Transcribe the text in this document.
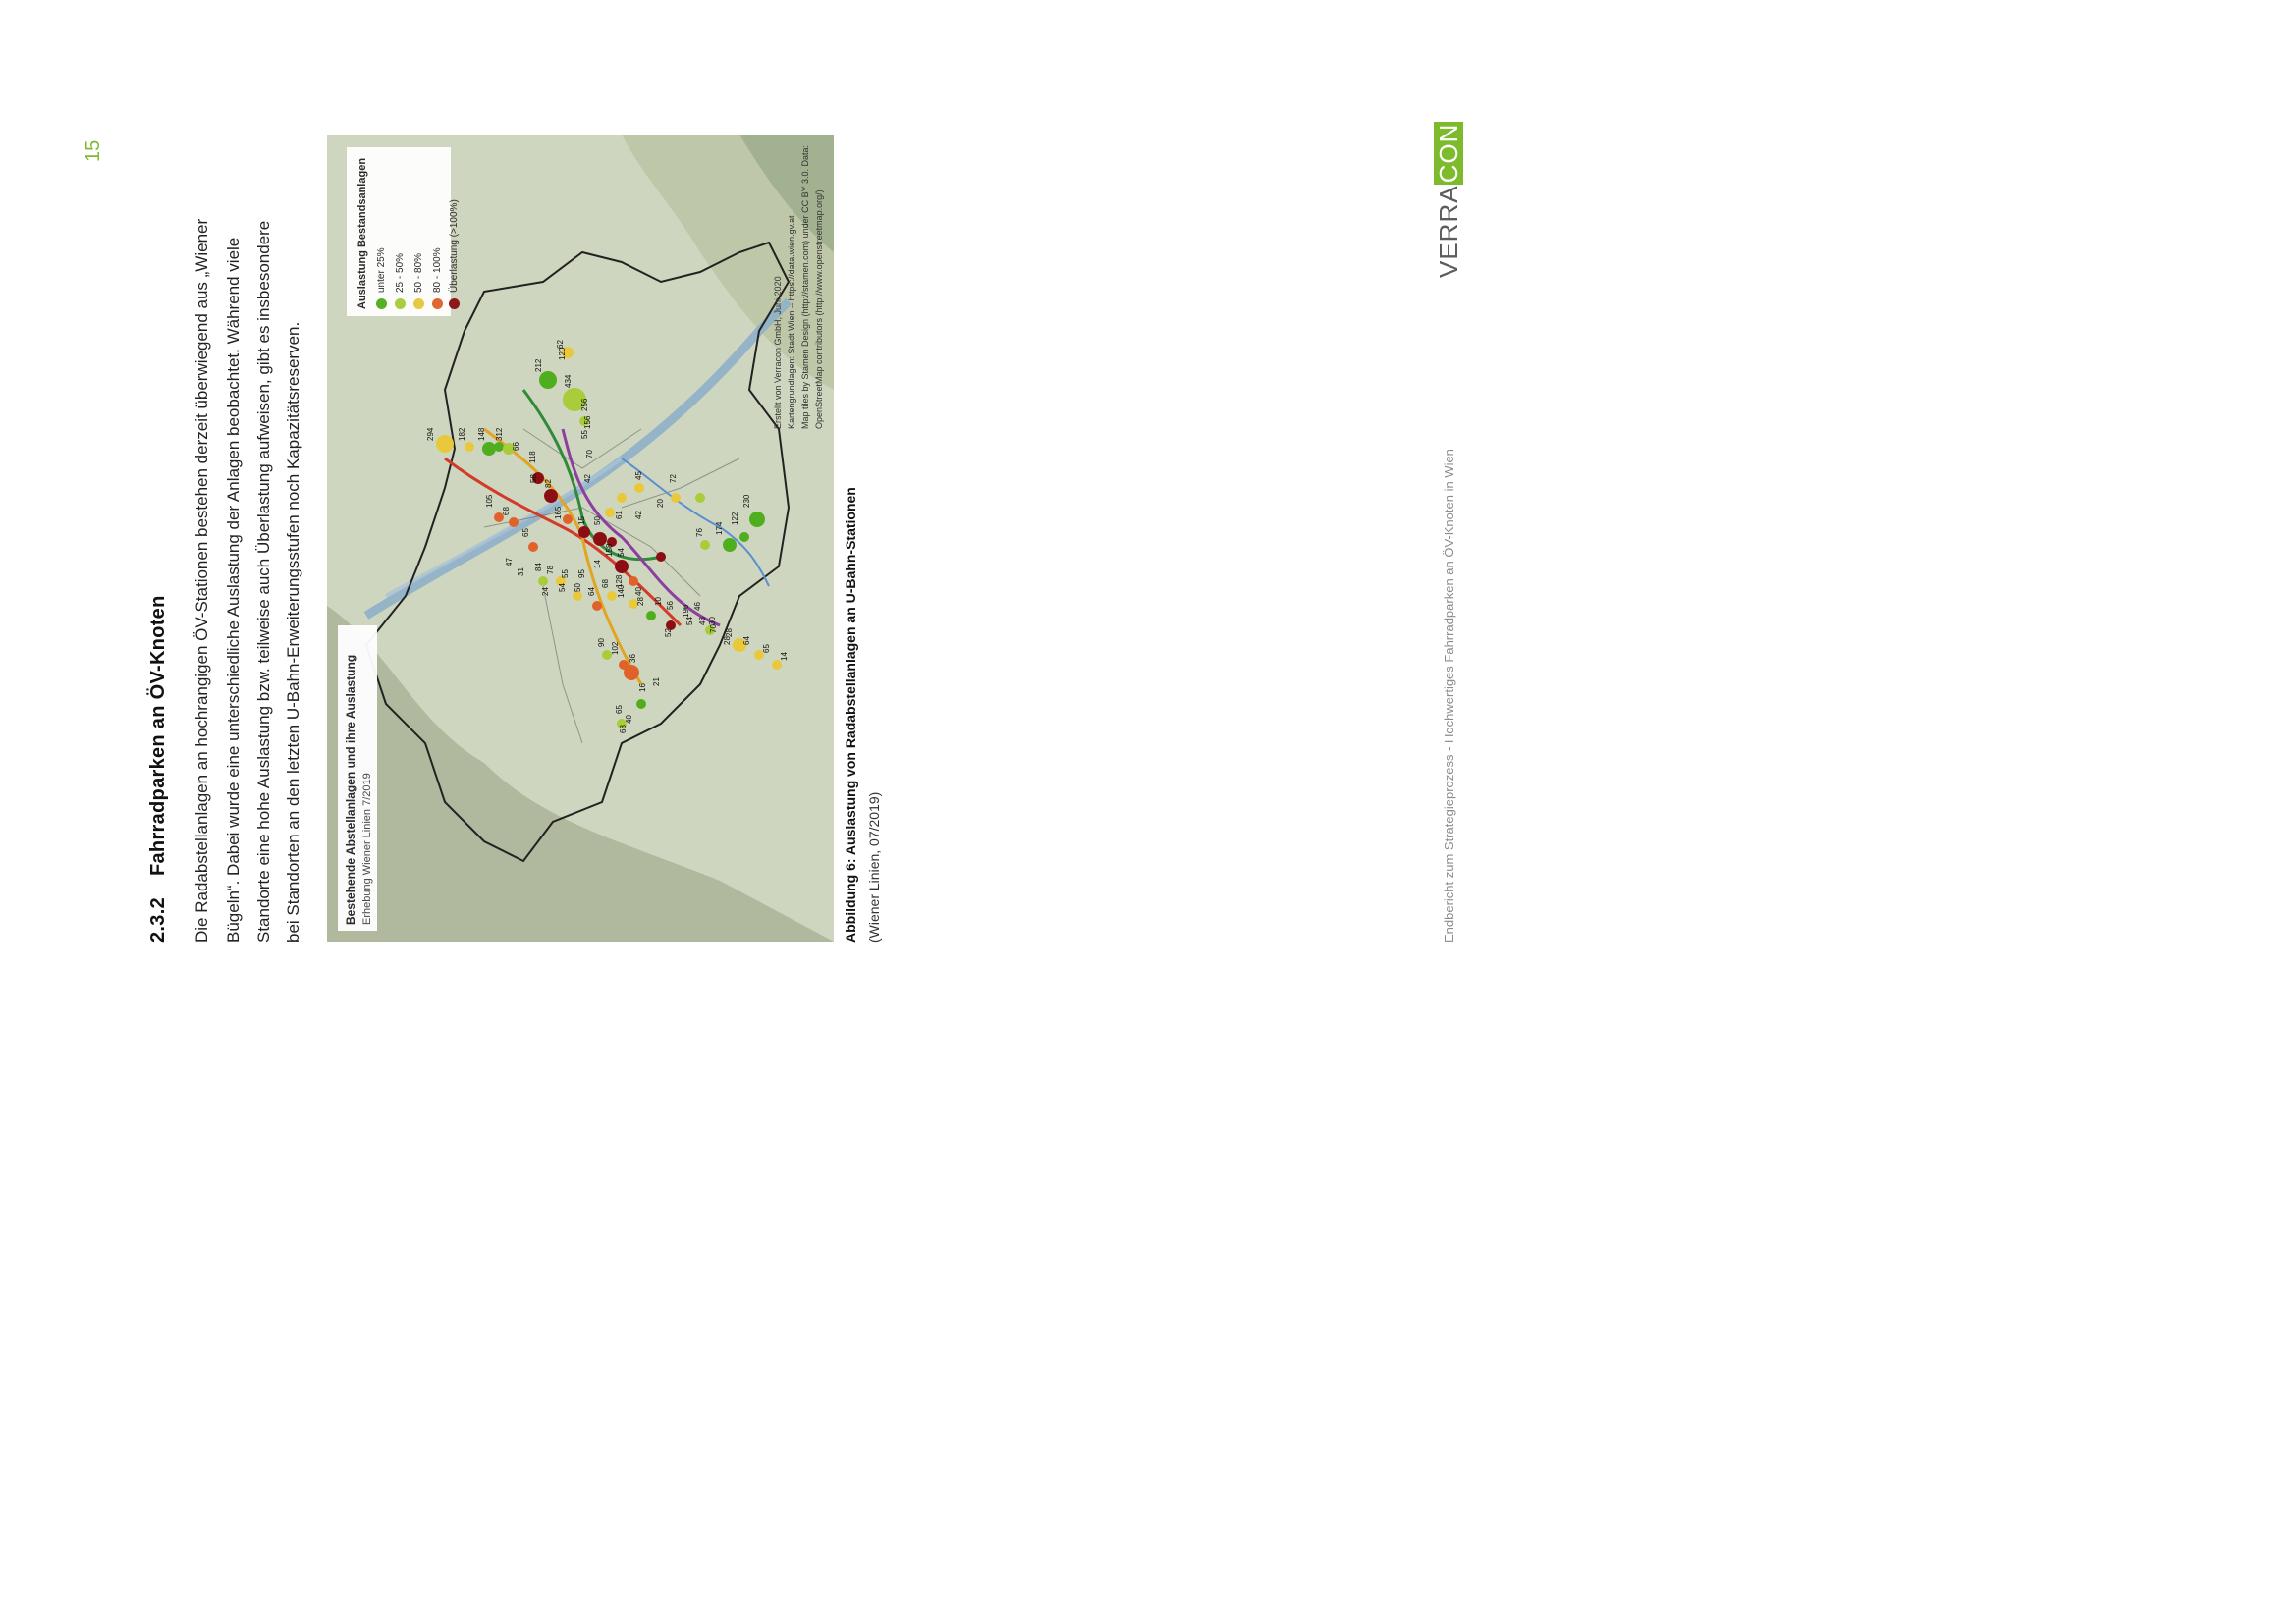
15
2.3.2Fahrradparken an ÖV-Knoten Die Radabstellanlagen an hochrangigen ÖV-Stationen bestehen derzeit überwiegend aus „Wiener Bügeln“. Dabei wurde eine unterschiedliche Auslastung der Anlagen beobachtet. Während viele Standorte eine hohe Auslastung bzw. teilweise auch Überlastung aufweisen, gibt es insbesondere bei Standorten an den letzten U-Bahn-Erweiterungsstufen noch Kapazitätsreserven.	294	182 148 312
66
212
62
120
434
256
156
55
118
58
70
42
82
72
45
105
68
65
165
15 50
61 42
20
47
31
84 78 55 95
14
158 54
174
122
230
76
24 54 50 64
68 128
140 40
28 10 56 46
30
28
64
65
14
90 102
36
16
21
52
196
54 48
70
28
65
40
68
Auslastung Bestandsanlagen unter 25% 25 - 50% 50 - 80% 80 - 100% Überlastung (>100%)
Bestehende Abstellanlagen und ihre Auslastung Erhebung Wiener Linien 7/2019
Erstellt von Verracon GmbH, Juni 2020 Kartengrundlagen: Stadt Wien – https://data.wien.gv.at Map tiles by Stamen Design (http://stamen.com) under CC BY 3.0. Data: OpenStreetMap contributors (http://www.openstreetmap.org/)
Abbildung 6: Auslastung von Radabstellanlagen an U-Bahn-Stationen
(Wiener Linien, 07/2019)	Endbericht zum Strategieprozess - Hochwertiges Fahrradparken an ÖV-Knoten in Wien
VERRACON
